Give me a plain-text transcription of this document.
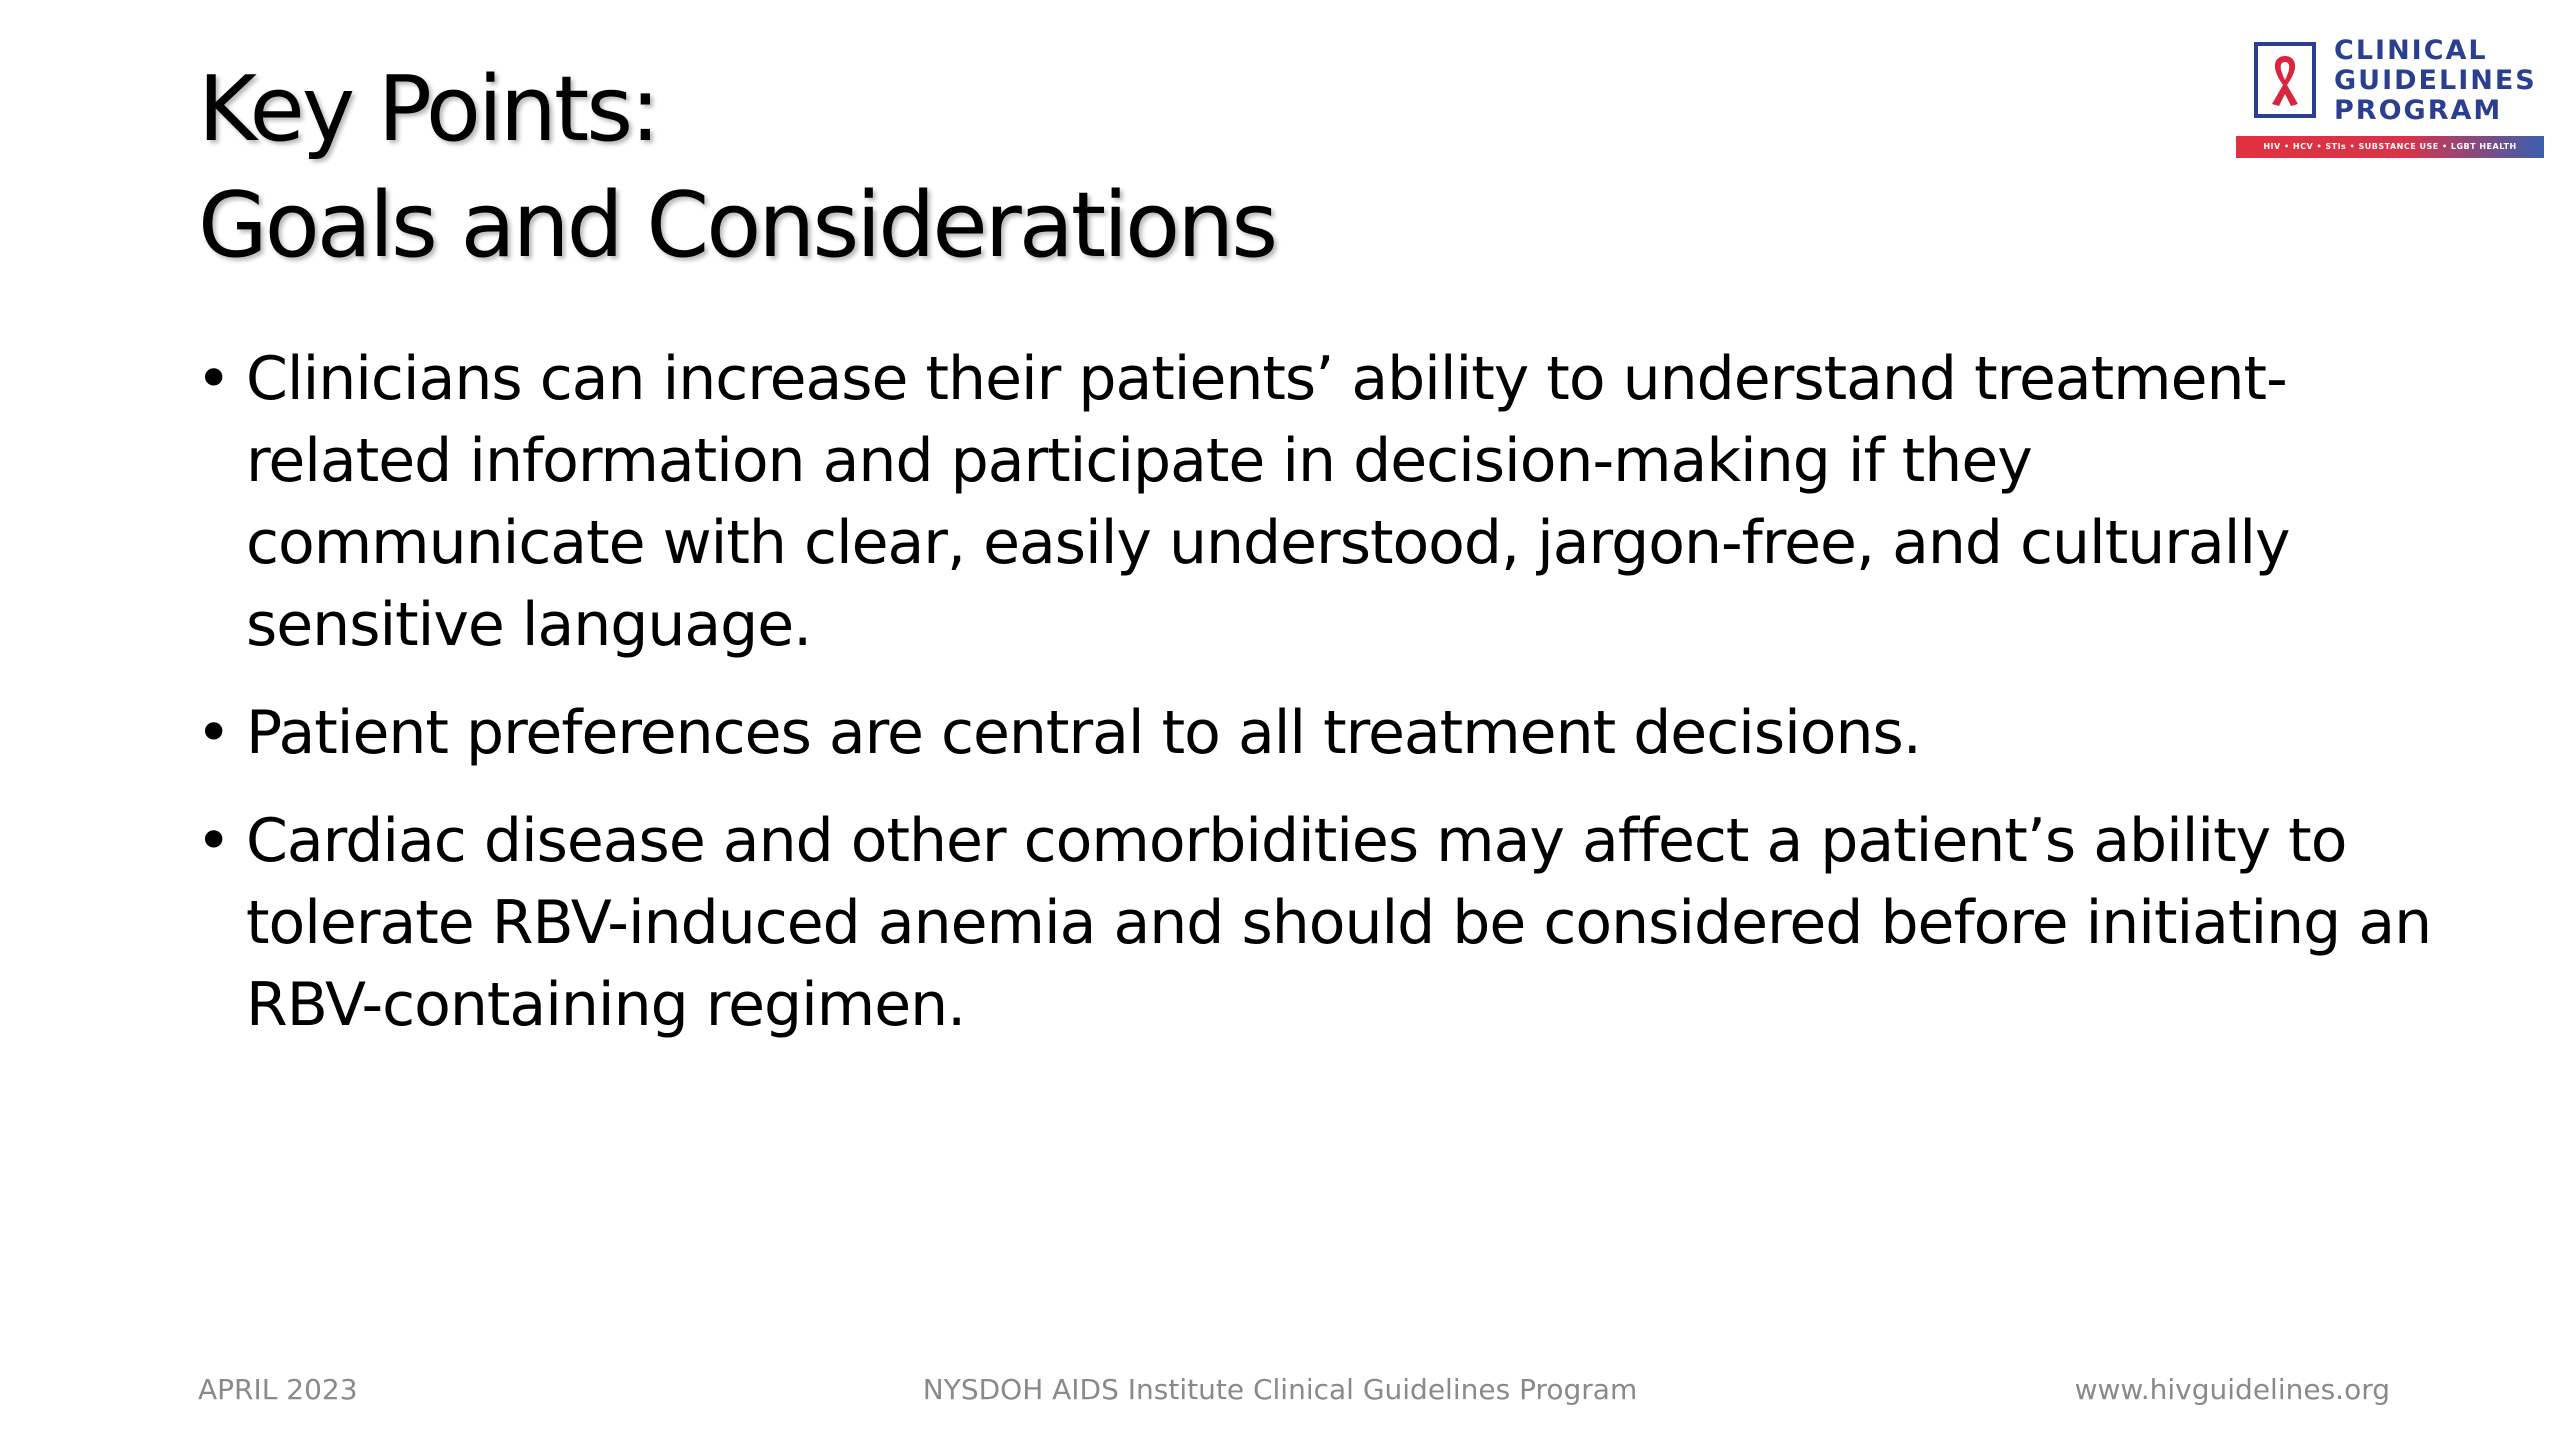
Key Points:
Goals and Considerations
CLINICAL
GUIDELINES
PROGRAM
HIV • HCV • STIs • SUBSTANCE USE • LGBT HEALTH
• Clinicians can increase their patients’ ability to understand treatment-related information and participate in decision-making if they communicate with clear, easily understood, jargon-free, and culturally sensitive language.
• Patient preferences are central to all treatment decisions.
• Cardiac disease and other comorbidities may affect a patient’s ability to tolerate RBV-induced anemia and should be considered before initiating an RBV-containing regimen.
APRIL 2023	NYSDOH AIDS Institute Clinical Guidelines Program	www.hivguidelines.org
